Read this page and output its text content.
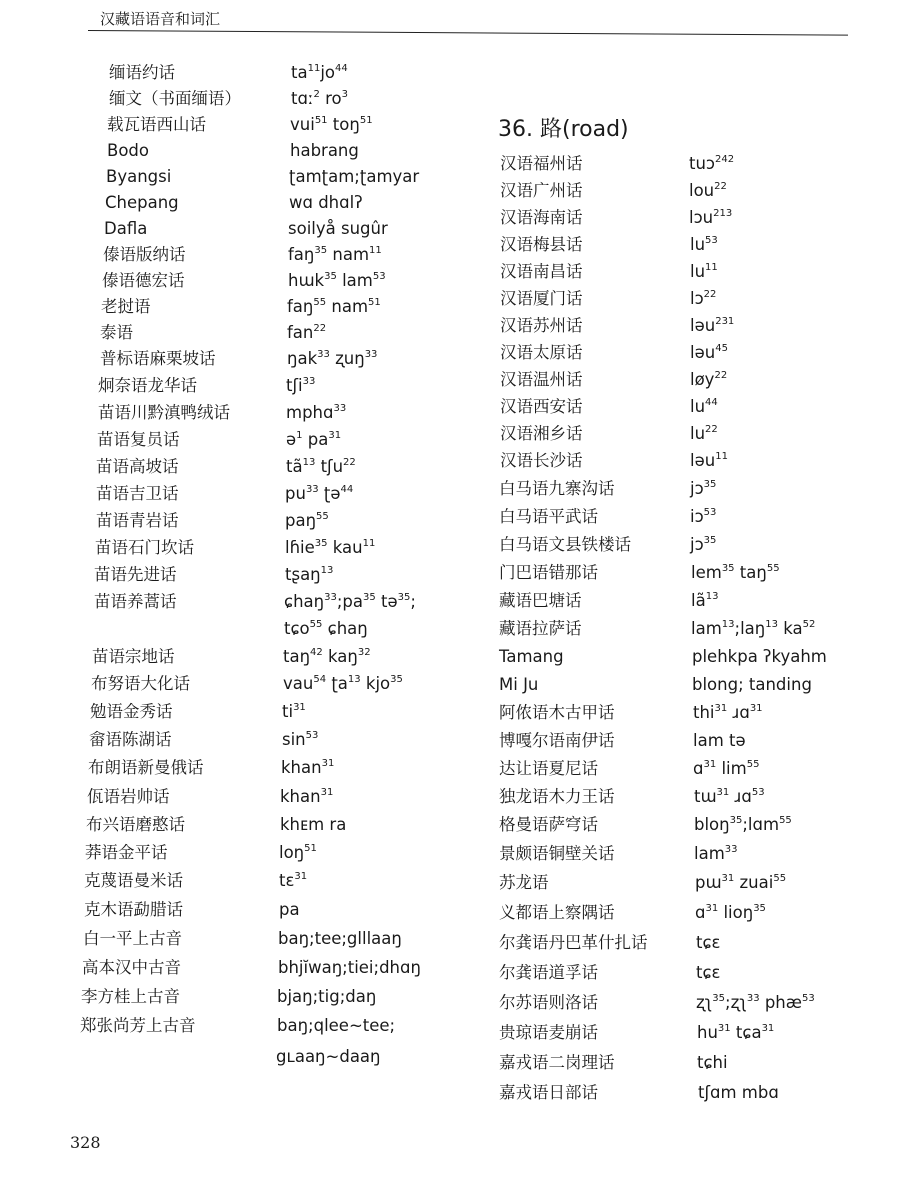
汉藏语语音和词汇
缅语约话	$ta^{11}jo^{44}$
缅文（书面缅语）	tɑː$^2$ $ro^3$
载瓦语西山话	vui$^{51}$ toŋ$^{51}$
Bodo	habrang
Byangsi	ʈamʈam;ʈamyar
Chepang	wɑ dhɑlʔ
Dafla	soilyå sugûr
傣语版纳话	faŋ$^{35}$ nam$^{11}$
傣语德宏话	hɯk$^{35}$ lam$^{53}$
老挝语	faŋ$^{55}$ nam$^{51}$
泰语	fan$^{22}$
普标语麻栗坡话	ŋak$^{33}$ ʐuŋ$^{33}$
炯奈语龙华话	tʃi$^{33}$
苗语川黔滇鸭绒话	mphɑ$^{33}$
苗语复员话	ə$^1$ $pa^{31}$
苗语高坡话	$tã^{13}$ tʃu$^{22}$
苗语吉卫话	$pu^{33}$ ʈə$^{44}$
苗语青岩话	paŋ$^{55}$
苗语石门坎话	lɦie$^{35}$ kau$^{11}$
苗语先进话	tʂaŋ$^{13}$
苗语养蒿话	$ɕhaŋ^{33};pa^{35}$ tə$^{35}$;
tɕo$^{55}$ ɕhaŋ
苗语宗地话	taŋ$^{42}$ kaŋ$^{32}$
布努语大化话	vau$^{54}$ ʈa$^{13}$ kjo$^{35}$
勉语金秀话	$ti^{31}$
畲语陈湖话	$\sin^{53}$
布朗语新曼俄话	khan$^{31}$
佤语岩帅话	khan$^{31}$
布兴语磨憨话	khᴇm ra
莽语金平话	loŋ$^{51}$
克蔑语曼米话	tɛ$^{31}$
克木语勐腊话	pa
白一平上古音	baŋ;tee;glllaaŋ
高本汉中古音	bhjĭwaŋ;tiei;dhɑŋ
李方桂上古音	bjaŋ;tig;daŋ
郑张尚芳上古音	baŋ;qlee~tee;
gʟaaŋ~daaŋ
36. 路(road)
汉语福州话	tuɔ$^{242}$
汉语广州话	lou$^{22}$
汉语海南话	lɔu$^{213}$
汉语梅县话	$lu^{53}$
汉语南昌话	$lu^{11}$
汉语厦门话	lɔ$^{22}$
汉语苏州话	ləu$^{231}$
汉语太原话	ləu$^{45}$
汉语温州话	løy$^{22}$
汉语西安话	$lu^{44}$
汉语湘乡话	$lu^{22}$
汉语长沙话	ləu$^{11}$
白马语九寨沟话	jɔ$^{35}$
白马语平武话	iɔ$^{53}$
白马语文县铁楼话	jɔ$^{35}$
门巴语错那话	lem$^{35}$ taŋ$^{55}$
藏语巴塘话	$lã^{13}$
藏语拉萨话	lam$^{13}$;laŋ$^{13}$ $ka^{52}$
Tamang	plehkpa ʔkyahm
Mi Ju	blong; tanding
阿侬语木古甲话	thi$^{31}$ ɹɑ$^{31}$
博嘎尔语南伊话	lam tə
达让语夏尼话	ɑ$^{31}$ $\lim^{55}$
独龙语木力王话	tɯ$^{31}$ ɹɑ$^{53}$
格曼语萨穹话	bloŋ$^{35}$;lɑm$^{55}$
景颇语铜壁关话	lam$^{33}$
苏龙语	pɯ$^{31}$ zuai$^{55}$
义都语上察隅话	ɑ$^{31}$ lioŋ$^{35}$
尔龚语丹巴革什扎话	tɕɛ
尔龚语道孚话	tɕɛ
尔苏语则洛话	ʐʅ$^{35}$;ʐʅ$^{33}$ phæ$^{53}$
贵琼语麦崩话	$hu^{31}$ tɕa$^{31}$
嘉戎语二岗理话	tɕhi
嘉戎语日部话	tʃɑm mbɑ
328
